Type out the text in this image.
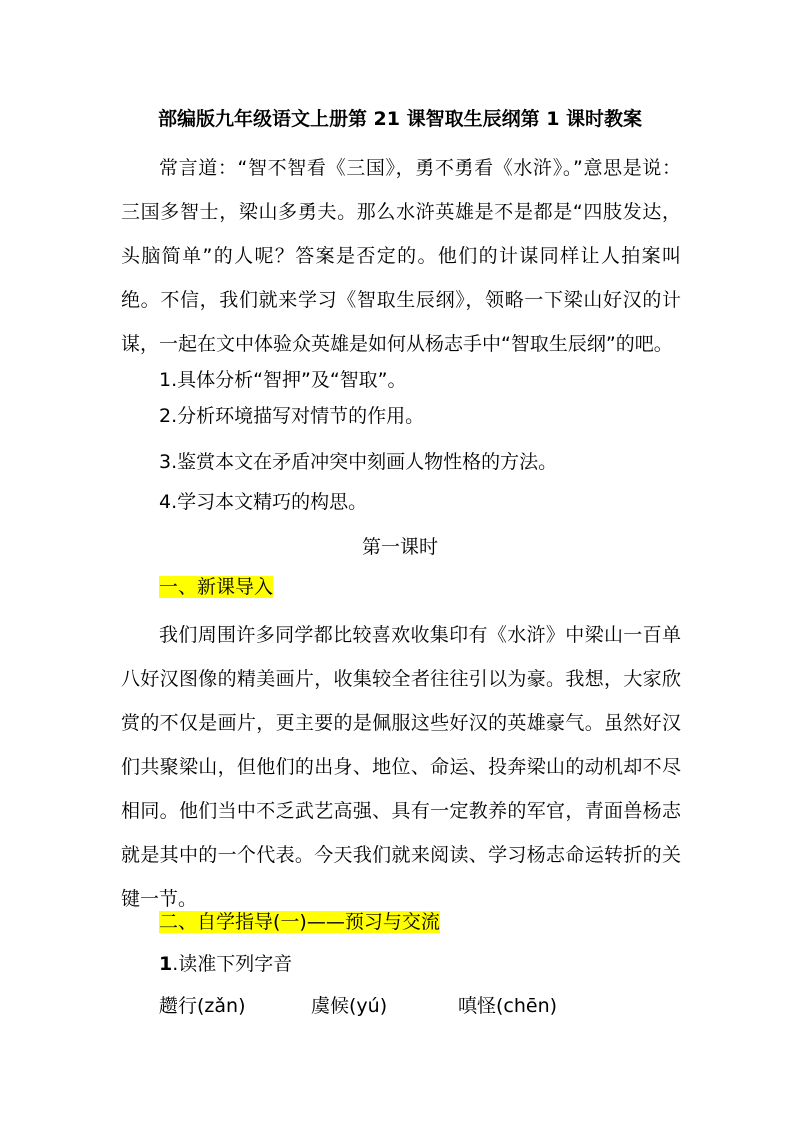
部编版九年级语文上册第 21 课智取生辰纲第 1 课时教案

常言道：“智不智看《三国》，勇不勇看《水浒》。”意思是说：三国多智士，梁山多勇夫。那么水浒英雄是不是都是“四肢发达，头脑简单”的人呢？答案是否定的。他们的计谋同样让人拍案叫绝。不信，我们就来学习《智取生辰纲》，领略一下梁山好汉的计谋，一起在文中体验众英雄是如何从杨志手中“智取生辰纲”的吧。

1.具体分析“智押”及“智取”。

2.分析环境描写对情节的作用。

3.鉴赏本文在矛盾冲突中刻画人物性格的方法。

4.学习本文精巧的构思。

第一课时

一、新课导入

我们周围许多同学都比较喜欢收集印有《水浒》中梁山一百单八好汉图像的精美画片，收集较全者往往引以为豪。我想，大家欣赏的不仅是画片，更主要的是佩服这些好汉的英雄豪气。虽然好汉们共聚梁山，但他们的出身、地位、命运、投奔梁山的动机却不尽相同。他们当中不乏武艺高强、具有一定教养的军官，青面兽杨志就是其中的一个代表。今天我们就来阅读、学习杨志命运转折的关键一节。

二、自学指导(一)——预习与交流

1.读准下列字音

趱行(zǎn)	虞候(yú)	嗔怪(chēn)
